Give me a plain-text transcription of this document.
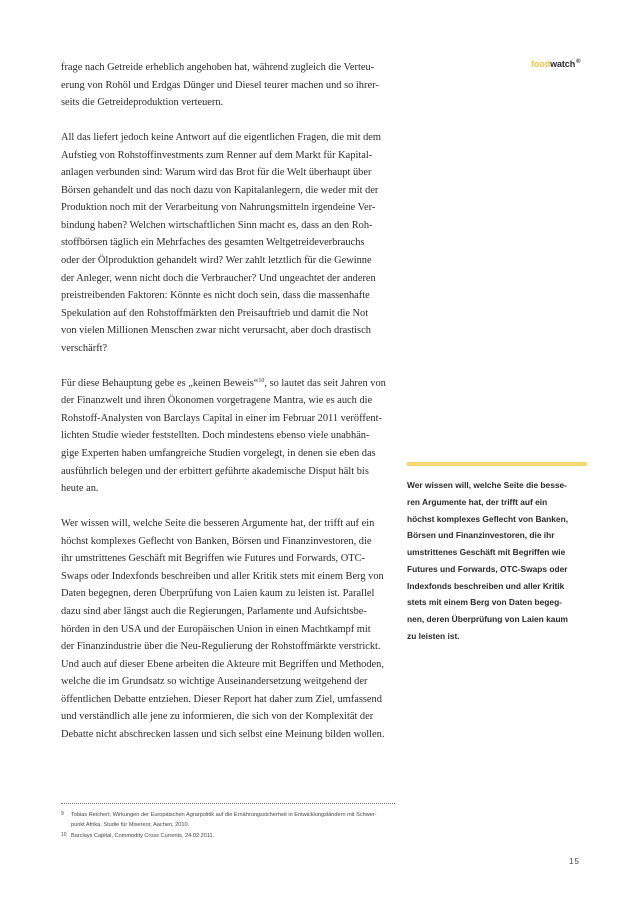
foodwatch®

frage nach Getreide erheblich angehoben hat, während zugleich die Verteu-

erung von Rohöl und Erdgas Dünger und Diesel teurer machen und so ihrer-

seits die Getreideproduktion verteuern.

All das liefert jedoch keine Antwort auf die eigentlichen Fragen, die mit dem

Aufstieg von Rohstoffinvestments zum Renner auf dem Markt für Kapital-

anlagen verbunden sind: Warum wird das Brot für die Welt überhaupt über

Börsen gehandelt und das noch dazu von Kapitalanlegern, die weder mit der

Produktion noch mit der Verarbeitung von Nahrungsmitteln irgendeine Ver-

bindung haben? Welchen wirtschaftlichen Sinn macht es, dass an den Roh-

stoffbörsen täglich ein Mehrfaches des gesamten Weltgetreideverbrauchs

oder der Ölproduktion gehandelt wird? Wer zahlt letztlich für die Gewinne

der Anleger, wenn nicht doch die Verbraucher? Und ungeachtet der anderen

preistreibenden Faktoren: Könnte es nicht doch sein, dass die massenhafte

Spekulation auf den Rohstoffmärkten den Preisauftrieb und damit die Not

von vielen Millionen Menschen zwar nicht verursacht, aber doch drastisch

verschärft?

Für diese Behauptung gebe es „keinen Beweis“$^{10}$, so lautet das seit Jahren von

der Finanzwelt und ihren Ökonomen vorgetragene Mantra, wie es auch die

Rohstoff-Analysten von Barclays Capital in einer im Februar 2011 veröffent-

lichten Studie wieder feststellten. Doch mindestens ebenso viele unabhän-

gige Experten haben umfangreiche Studien vorgelegt, in denen sie eben das

ausführlich belegen und der erbittert geführte akademische Disput hält bis

heute an.

Wer wissen will, welche Seite die besseren Argumente hat, der trifft auf ein

höchst komplexes Geflecht von Banken, Börsen und Finanzinvestoren, die

ihr umstrittenes Geschäft mit Begriffen wie Futures und Forwards, OTC-

Swaps oder Indexfonds beschreiben und aller Kritik stets mit einem Berg von

Daten begegnen, deren Überprüfung von Laien kaum zu leisten ist. Parallel

dazu sind aber längst auch die Regierungen, Parlamente und Aufsichtsbe-

hörden in den USA und der Europäischen Union in einen Machtkampf mit

der Finanzindustrie über die Neu-Regulierung der Rohstoffmärkte verstrickt.

Und auch auf dieser Ebene arbeiten die Akteure mit Begriffen und Methoden,

welche die im Grundsatz so wichtige Auseinandersetzung weitgehend der

öffentlichen Debatte entziehen. Dieser Report hat daher zum Ziel, umfassend

und verständlich alle jene zu informieren, die sich von der Komplexität der

Debatte nicht abschrecken lassen und sich selbst eine Meinung bilden wollen.

Wer wissen will, welche Seite die besse-

ren Argumente hat, der trifft auf ein

höchst komplexes Geflecht von Banken,

Börsen und Finanzinvestoren, die ihr

umstrittenes Geschäft mit Begriffen wie

Futures und Forwards, OTC-Swaps oder

Indexfonds beschreiben und aller Kritik

stets mit einem Berg von Daten begeg-

nen, deren Überprüfung von Laien kaum

zu leisten ist.

9 Tobias Reichert, Wirkungen der Europäischen Agrarpolitik auf die Ernährungssicherheit in Entwicklungsländern mit Schwer-

punkt Afrika, Studie für Misereor, Aachen, 2010.

10 Barclays Capital, Commodity Cross Currents, 24.02.2011.

15
